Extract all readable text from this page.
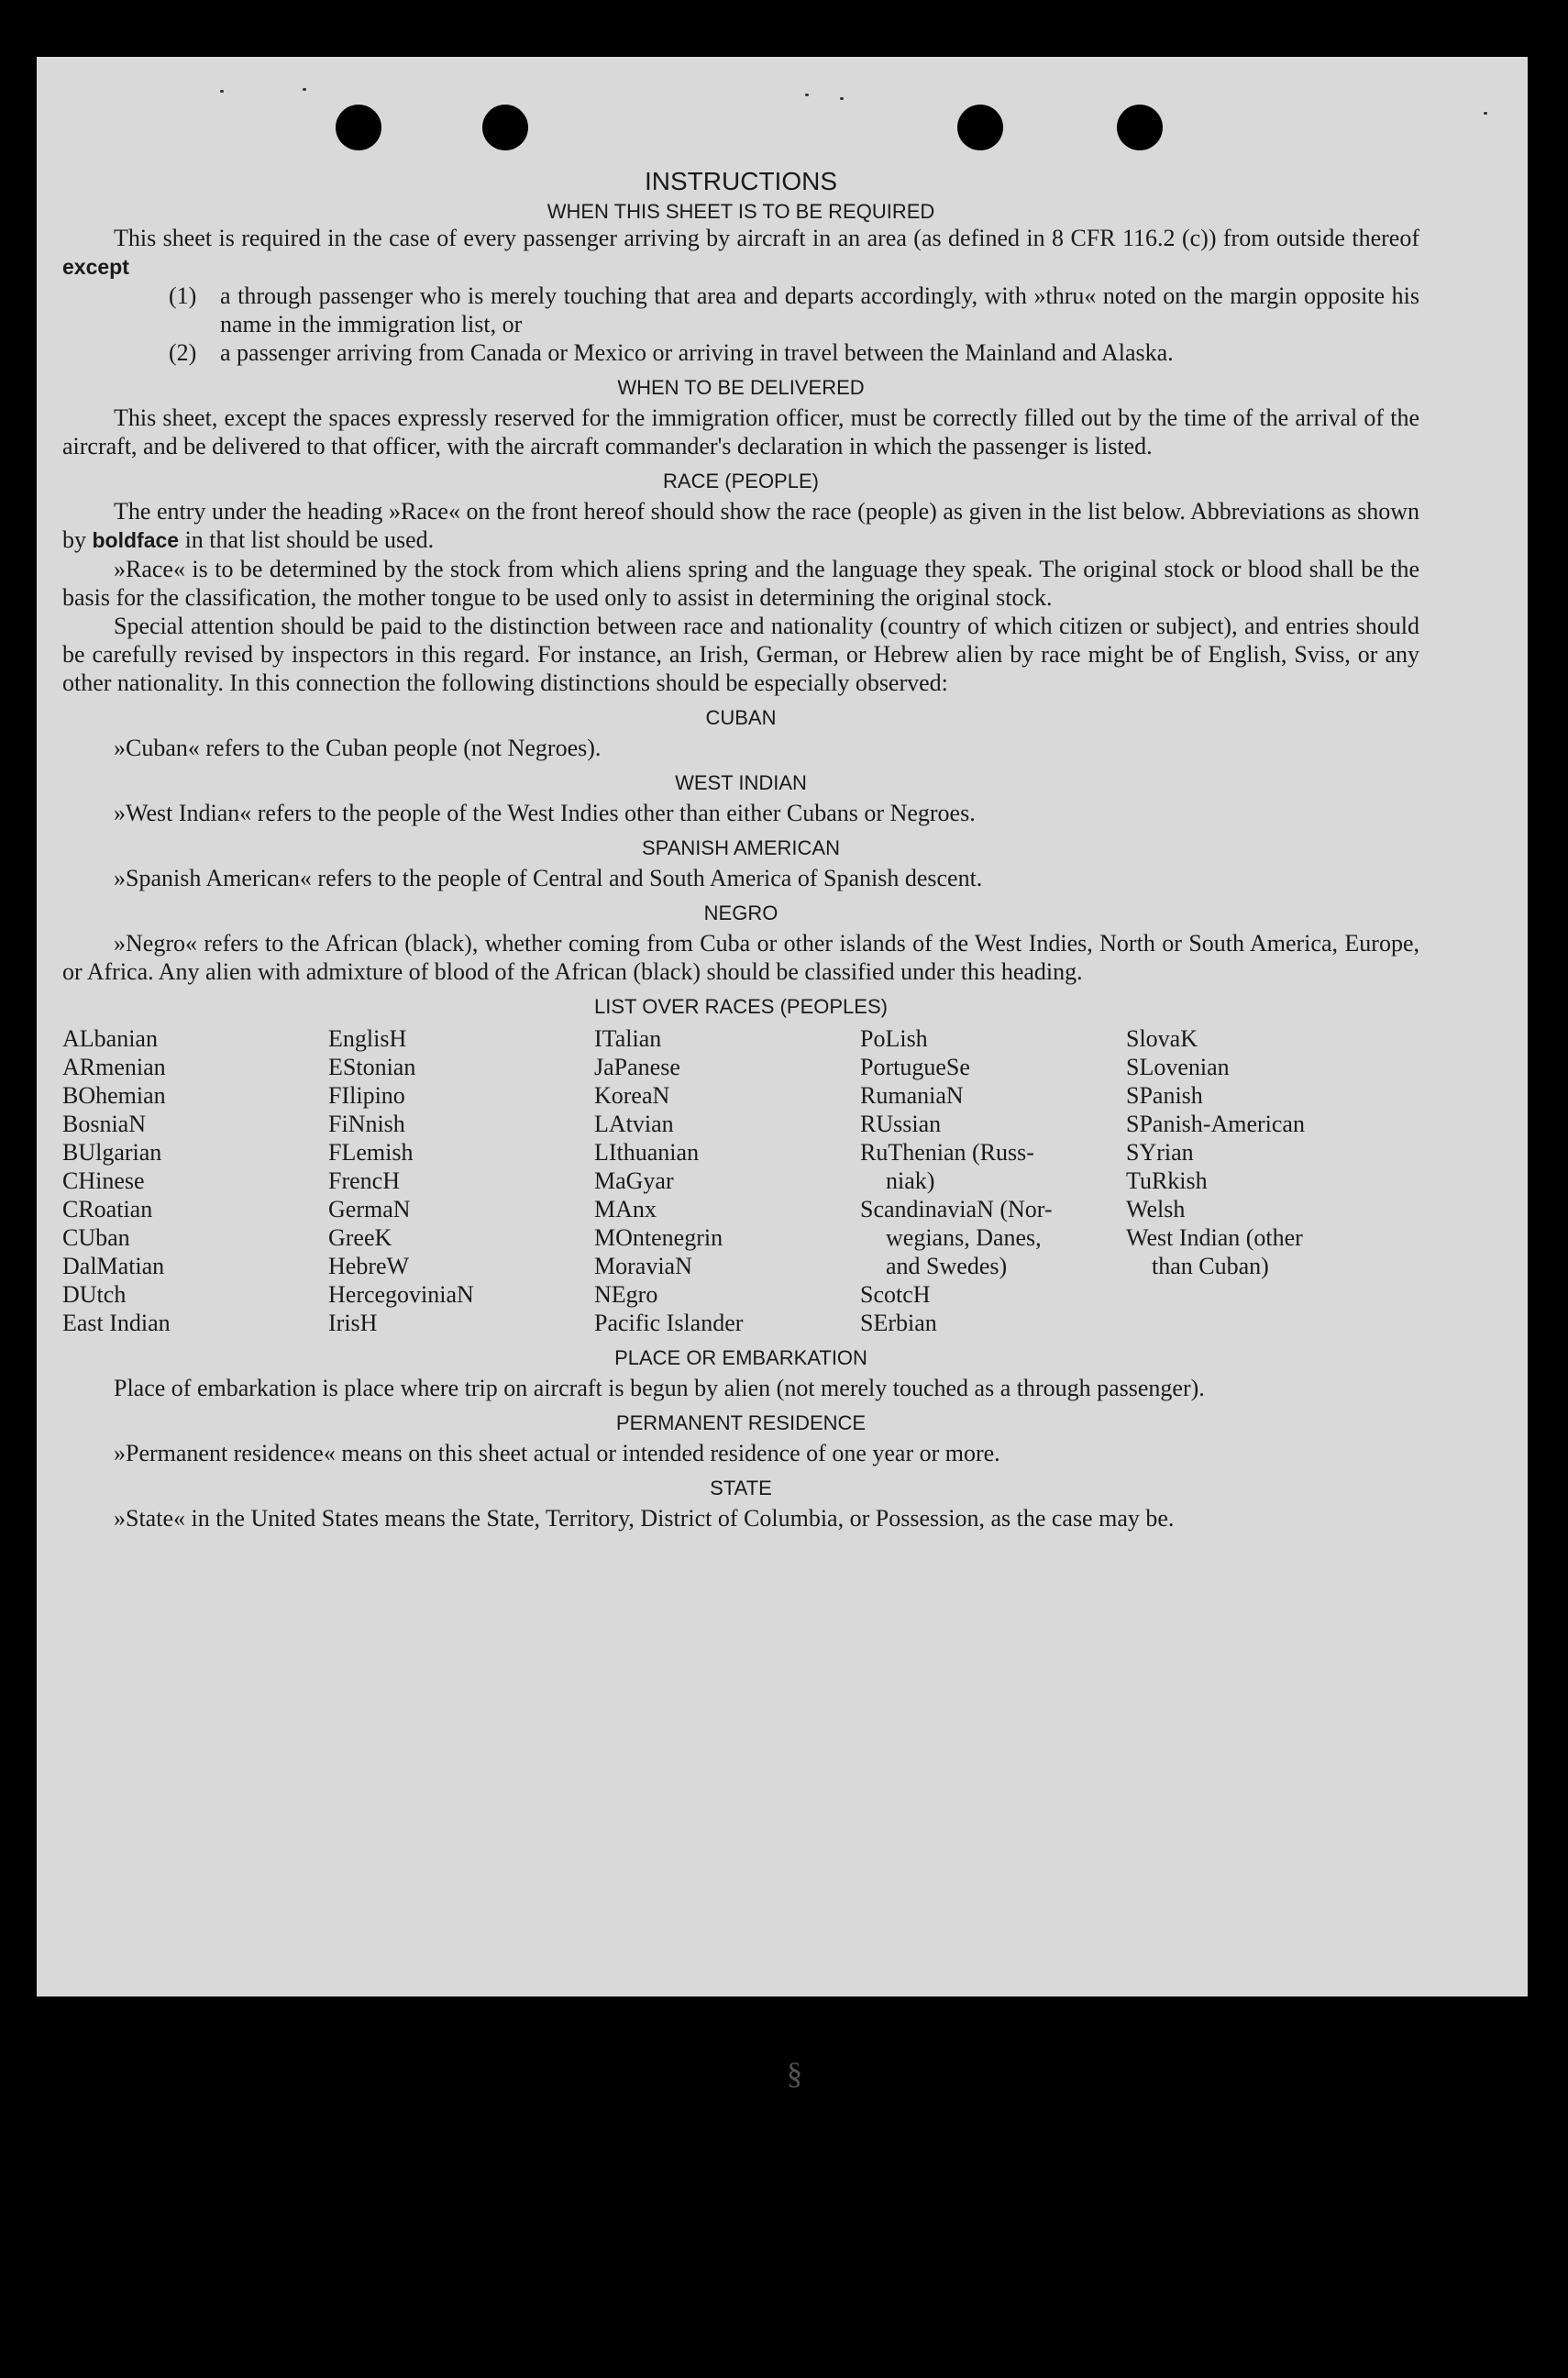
INSTRUCTIONS
WHEN THIS SHEET IS TO BE REQUIRED

This sheet is required in the case of every passenger arriving by aircraft in an area (as defined in 8 CFR 116.2 (c)) from outside thereof except

(1) a through passenger who is merely touching that area and departs accordingly, with »thru« noted on the margin opposite his name in the immigration list, or
(2) a passenger arriving from Canada or Mexico or arriving in travel between the Mainland and Alaska.
WHEN TO BE DELIVERED

This sheet, except the spaces expressly reserved for the immigration officer, must be correctly filled out by the time of the arrival of the aircraft, and be delivered to that officer, with the aircraft commander's declaration in which the passenger is listed.

RACE (PEOPLE)

The entry under the heading »Race« on the front hereof should show the race (people) as given in the list below. Abbreviations as shown by boldface in that list should be used.

»Race« is to be determined by the stock from which aliens spring and the language they speak. The original stock or blood shall be the basis for the classification, the mother tongue to be used only to assist in determining the original stock.

Special attention should be paid to the distinction between race and nationality (country of which citizen or subject), and entries should be carefully revised by inspectors in this regard. For instance, an Irish, German, or Hebrew alien by race might be of English, Sviss, or any other nationality. In this connection the following distinctions should be especially observed:

CUBAN

»Cuban« refers to the Cuban people (not Negroes).

WEST INDIAN

»West Indian« refers to the people of the West Indies other than either Cubans or Negroes.

SPANISH AMERICAN

»Spanish American« refers to the people of Central and South America of Spanish descent.

NEGRO

»Negro« refers to the African (black), whether coming from Cuba or other islands of the West Indies, North or South America, Europe, or Africa. Any alien with admixture of blood of the African (black) should be classified under this heading.

LIST OVER RACES (PEOPLES)
ALbanian
ARmenian
BOhemian
BosniaN
BUlgarian
CHinese
CRoatian
CUban
DalMatian
DUtch
East Indian
EnglisH
EStonian
FIlipino
FiNnish
FLemish
FrencH
GermaN
GreeK
HebreW
HercegoviniaN
IrisH
ITalian
JaPanese
KoreaN
LAtvian
LIthuanian
MaGyar
MAnx
MOntenegrin
MoraviaN
NEgro
Pacific Islander
PoLish
PortugueSe
RumaniaN
RUssian
RuThenian (Russ-
niak)
ScandinaviaN (Nor-
wegians, Danes,
and Swedes)
ScotcH
SErbian
SlovaK
SLovenian
SPanish
SPanish-American
SYrian
TuRkish
Welsh
West Indian (other
than Cuban)
PLACE OR EMBARKATION

Place of embarkation is place where trip on aircraft is begun by alien (not merely touched as a through passenger).

PERMANENT RESIDENCE

»Permanent residence« means on this sheet actual or intended residence of one year or more.

STATE

»State« in the United States means the State, Territory, District of Columbia, or Possession, as the case may be.

§
